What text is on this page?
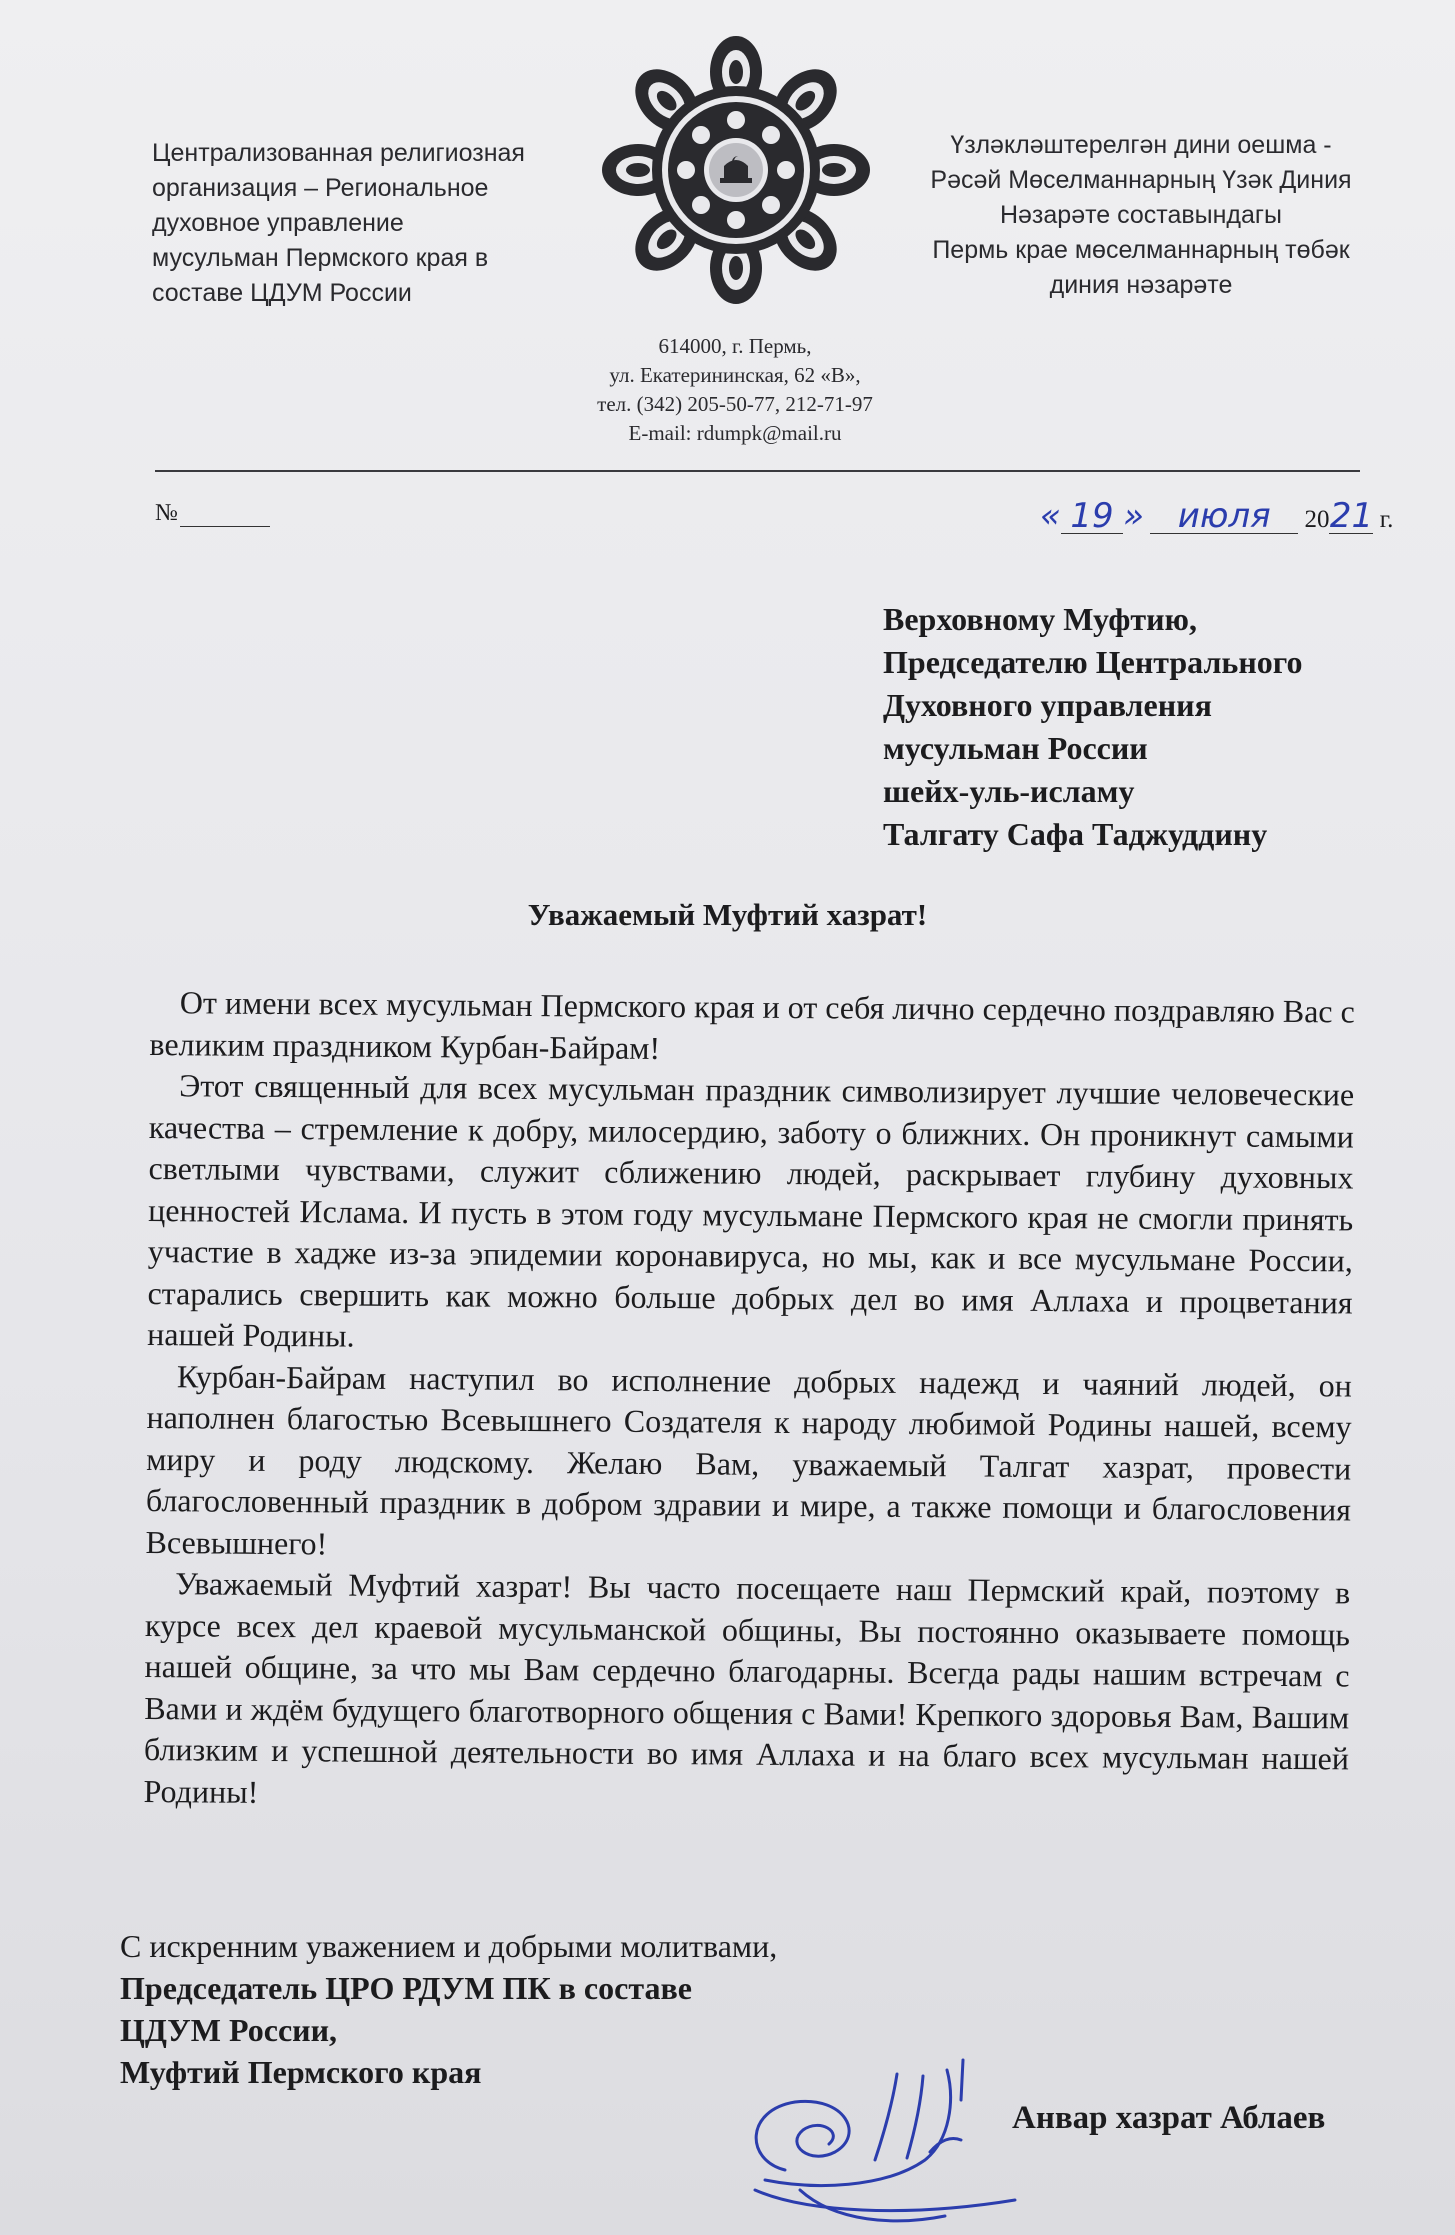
Централизованная религиозная
организация – Региональное
духовное управление
мусульман Пермского края в
составе ЦДУМ России
Үзләкләштерелгән дини оешма -
Рәсәй Мөселманнарның Үзәк Диния
Нәзарәте составындагы
Пермь крае мөселманнарның төбәк
диния нәзарәте
614000, г. Пермь,
ул. Екатерининская, 62 «В»,
тел. (342) 205-50-77, 212-71-97
E-mail: rdumpk@mail.ru
№	« 19 » июля 2021 г.
Верховному Муфтию,
Председателю Центрального
Духовного управления
мусульман России
шейх-уль-исламу
Талгату Сафа Таджуддину
Уважаемый Муфтий хазрат!

От имени всех мусульман Пермского края и от себя лично сердечно поздравляю Вас с великим праздником Курбан-Байрам!

Этот священный для всех мусульман праздник символизирует лучшие человеческие качества – стремление к добру, милосердию, заботу о ближних. Он проникнут самыми светлыми чувствами, служит сближению людей, раскрывает глубину духовных ценностей Ислама. И пусть в этом году мусульмане Пермского края не смогли принять участие в хадже из-за эпидемии коронавируса, но мы, как и все мусульмане России, старались свершить как можно больше добрых дел во имя Аллаха и процветания нашей Родины.

Курбан-Байрам наступил во исполнение добрых надежд и чаяний людей, он наполнен благостью Всевышнего Создателя к народу любимой Родины нашей, всему миру и роду людскому. Желаю Вам, уважаемый Талгат хазрат, провести благословенный праздник в добром здравии и мире, а также помощи и благословения Всевышнего!

Уважаемый Муфтий хазрат! Вы часто посещаете наш Пермский край, поэтому в курсе всех дел краевой мусульманской общины, Вы постоянно оказываете помощь нашей общине, за что мы Вам сердечно благодарны. Всегда рады нашим встречам с Вами и ждём будущего благотворного общения с Вами! Крепкого здоровья Вам, Вашим близким и успешной деятельности во имя Аллаха и на благо всех мусульман нашей Родины!

С искренним уважением и добрыми молитвами,
Председатель ЦРО РДУМ ПК в составе
ЦДУМ России,
Муфтий Пермского края
Анвар хазрат Аблаев
